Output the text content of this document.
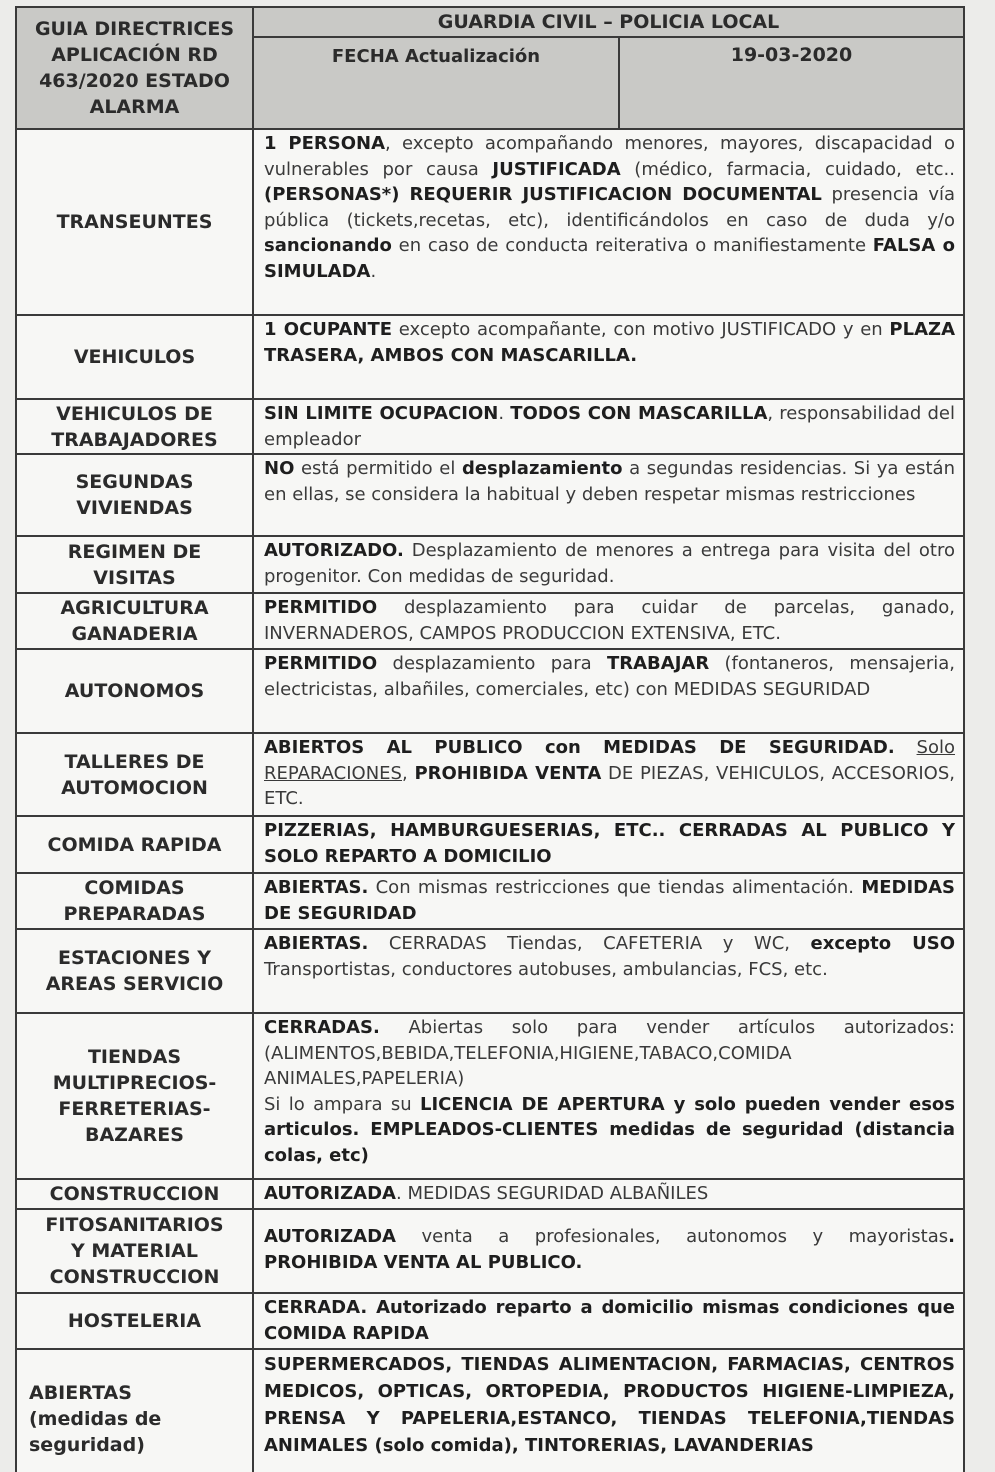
GUIA DIRECTRICES APLICACIÓN RD 463/2020 ESTADO ALARMA
GUARDIA CIVIL – POLICIA LOCAL
FECHA Actualización	19-03-2020
TRANSEUNTES
1 PERSONA, excepto acompañando menores, mayores, discapacidad o vulnerables por causa JUSTIFICADA (médico, farmacia, cuidado, etc..(PERSONAS*) REQUERIR JUSTIFICACION DOCUMENTAL presencia vía pública (tickets,recetas, etc), identificándolos en caso de duda y/o sancionando en caso de conducta reiterativa o manifiestamente FALSA o SIMULADA.
VEHICULOS
1 OCUPANTE excepto acompañante, con motivo JUSTIFICADO y en PLAZA TRASERA, AMBOS CON MASCARILLA.
VEHICULOS DE
TRABAJADORES
SIN LIMITE OCUPACION. TODOS CON MASCARILLA, responsabilidad del empleador
SEGUNDAS
VIVIENDAS
NO está permitido el desplazamiento a segundas residencias. Si ya están en ellas, se considera la habitual y deben respetar mismas restricciones
REGIMEN DE
VISITAS
AUTORIZADO. Desplazamiento de menores a entrega para visita del otro progenitor. Con medidas de seguridad.
AGRICULTURA
GANADERIA
PERMITIDO desplazamiento para cuidar de parcelas, ganado, INVERNADEROS, CAMPOS PRODUCCION EXTENSIVA, ETC.
AUTONOMOS
PERMITIDO desplazamiento para TRABAJAR (fontaneros, mensajeria, electricistas, albañiles, comerciales, etc) con MEDIDAS SEGURIDAD
TALLERES DE
AUTOMOCION
ABIERTOS AL PUBLICO con MEDIDAS DE SEGURIDAD. Solo REPARACIONES, PROHIBIDA VENTA DE PIEZAS, VEHICULOS, ACCESORIOS, ETC.
COMIDA RAPIDA
PIZZERIAS, HAMBURGUESERIAS, ETC.. CERRADAS AL PUBLICO Y SOLO REPARTO A DOMICILIO
COMIDAS
PREPARADAS
ABIERTAS. Con mismas restricciones que tiendas alimentación. MEDIDAS DE SEGURIDAD
ESTACIONES Y
AREAS SERVICIO
ABIERTAS. CERRADAS Tiendas, CAFETERIA y WC, excepto USO Transportistas, conductores autobuses, ambulancias, FCS, etc.
TIENDAS
MULTIPRECIOS-
FERRETERIAS-
BAZARES

CERRADAS. Abiertas solo para vender artículos autorizados: (ALIMENTOS,BEBIDA,TELEFONIA,HIGIENE,TABACO,COMIDA ANIMALES,PAPELERIA)

Si lo ampara su LICENCIA DE APERTURA y solo pueden vender esos articulos. EMPLEADOS-CLIENTES medidas de seguridad (distancia colas, etc)

CONSTRUCCION	AUTORIZADA. MEDIDAS SEGURIDAD ALBAÑILES
FITOSANITARIOS
Y MATERIAL
CONSTRUCCION
AUTORIZADA venta a profesionales, autonomos y mayoristas. PROHIBIDA VENTA AL PUBLICO.
HOSTELERIA
CERRADA. Autorizado reparto a domicilio mismas condiciones que COMIDA RAPIDA
ABIERTAS
(medidas de
seguridad)
SUPERMERCADOS, TIENDAS ALIMENTACION, FARMACIAS, CENTROS MEDICOS, OPTICAS, ORTOPEDIA, PRODUCTOS HIGIENE-LIMPIEZA, PRENSA Y PAPELERIA,ESTANCO, TIENDAS TELEFONIA,TIENDAS ANIMALES (solo comida), TINTORERIAS, LAVANDERIAS
